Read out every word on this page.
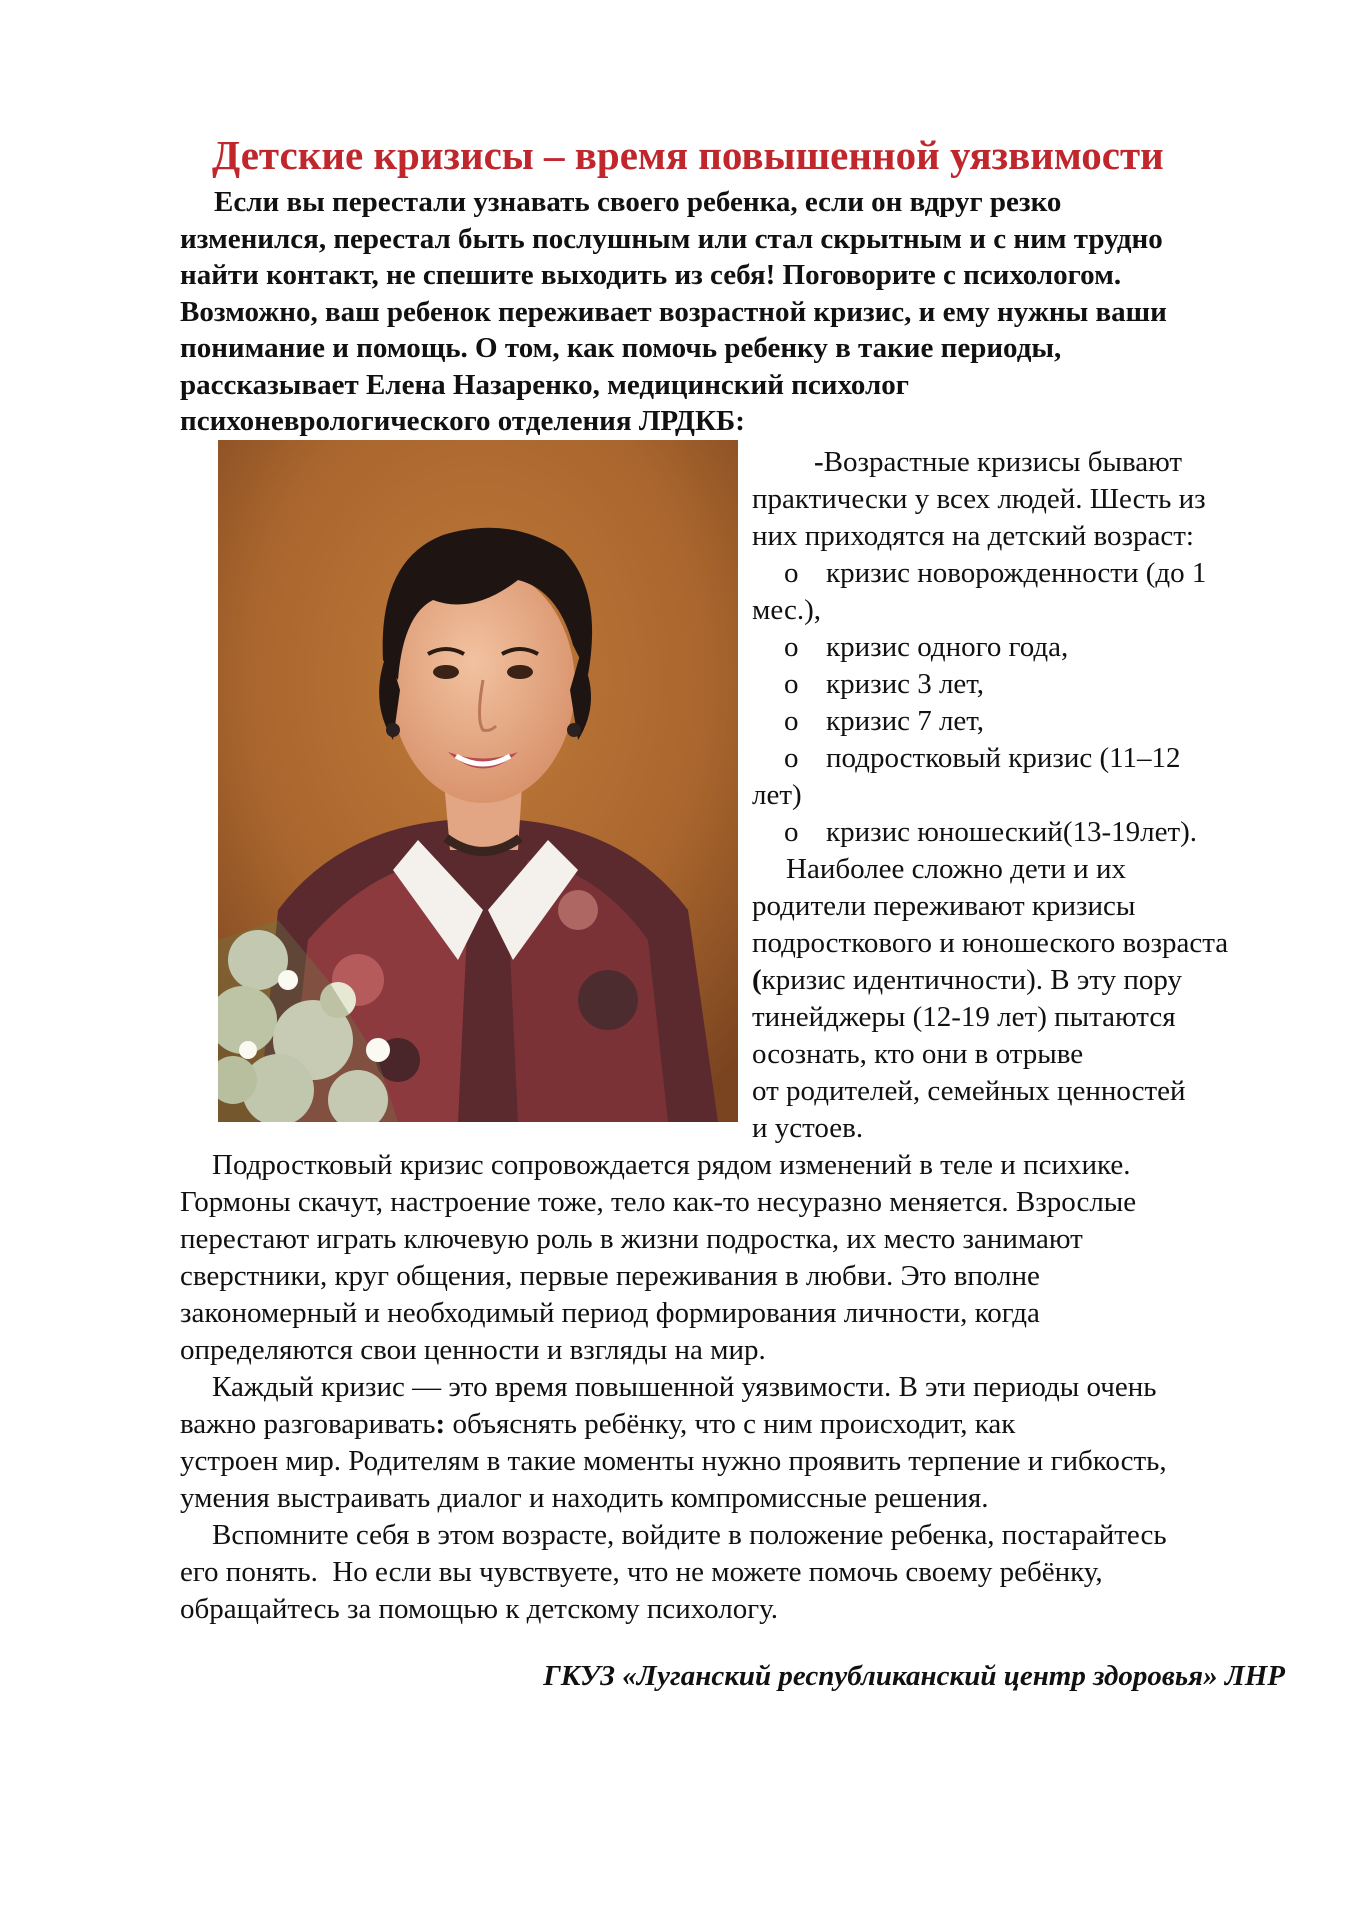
Детские кризисы – время повышенной уязвимости
Если вы перестали узнавать своего ребенка, если он вдруг резко
изменился, перестал быть послушным или стал скрытным и с ним трудно
найти контакт, не спешите выходить из себя! Поговорите с психологом.
Возможно, ваш ребенок переживает возрастной кризис, и ему нужны ваши
понимание и помощь. О том, как помочь ребенку в такие периоды,
рассказывает Елена Назаренко, медицинский психолог
психоневрологического отделения ЛРДКБ:
-Возрастные кризисы бывают
практически у всех людей. Шесть из
них приходятся на детский возраст:
o кризис новорожденности (до 1
мес.),
o кризис одного года,
o кризис 3 лет,
o кризис 7 лет,
o подростковый кризис (11–12
лет)
o кризис юношеский(13-19лет).
Наиболее сложно дети и их
родители переживают кризисы
подросткового и юношеского возраста
(кризис идентичности). В эту пору
тинейджеры (12-19 лет) пытаются
осознать, кто они в отрыве
от родителей, семейных ценностей
и устоев.
Подростковый кризис сопровождается рядом изменений в теле и психике.
Гормоны скачут, настроение тоже, тело как-то несуразно меняется. Взрослые
перестают играть ключевую роль в жизни подростка, их место занимают
сверстники, круг общения, первые переживания в любви. Это вполне
закономерный и необходимый период формирования личности, когда
определяются свои ценности и взгляды на мир.
Каждый кризис — это время повышенной уязвимости. В эти периоды очень
важно разговаривать: объяснять ребёнку, что с ним происходит, как
устроен мир. Родителям в такие моменты нужно проявить терпение и гибкость,
умения выстраивать диалог и находить компромиссные решения.
Вспомните себя в этом возрасте, войдите в положение ребенка, постарайтесь
его понять.  Но если вы чувствуете, что не можете помочь своему ребёнку,
обращайтесь за помощью к детскому психологу.
ГКУЗ «Луганский республиканский центр здоровья» ЛНР
